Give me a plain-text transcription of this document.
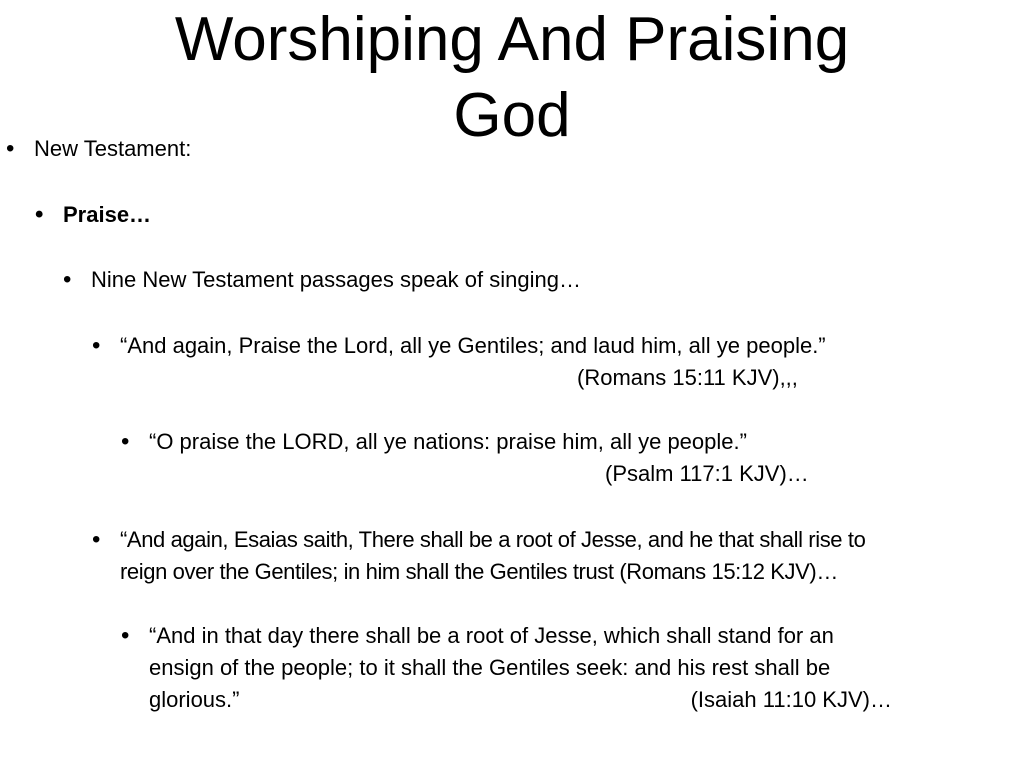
Worshiping And Praising
God
• New Testament:
• Praise…
• Nine New Testament passages speak of singing…
• “And again, Praise the Lord, all ye Gentiles; and laud him, all ye people.”
(Romans 15:11 KJV),,,
• “O praise the LORD, all ye nations: praise him, all ye people.”
(Psalm 117:1 KJV)…
• “And again, Esaias saith, There shall be a root of Jesse, and he that shall rise to
reign over the Gentiles; in him shall the Gentiles trust (Romans 15:12 KJV)…
• “And in that day there shall be a root of Jesse, which shall stand for an
ensign of the people; to it shall the Gentiles seek: and his rest shall be
glorious.”	(Isaiah 11:10 KJV)…
